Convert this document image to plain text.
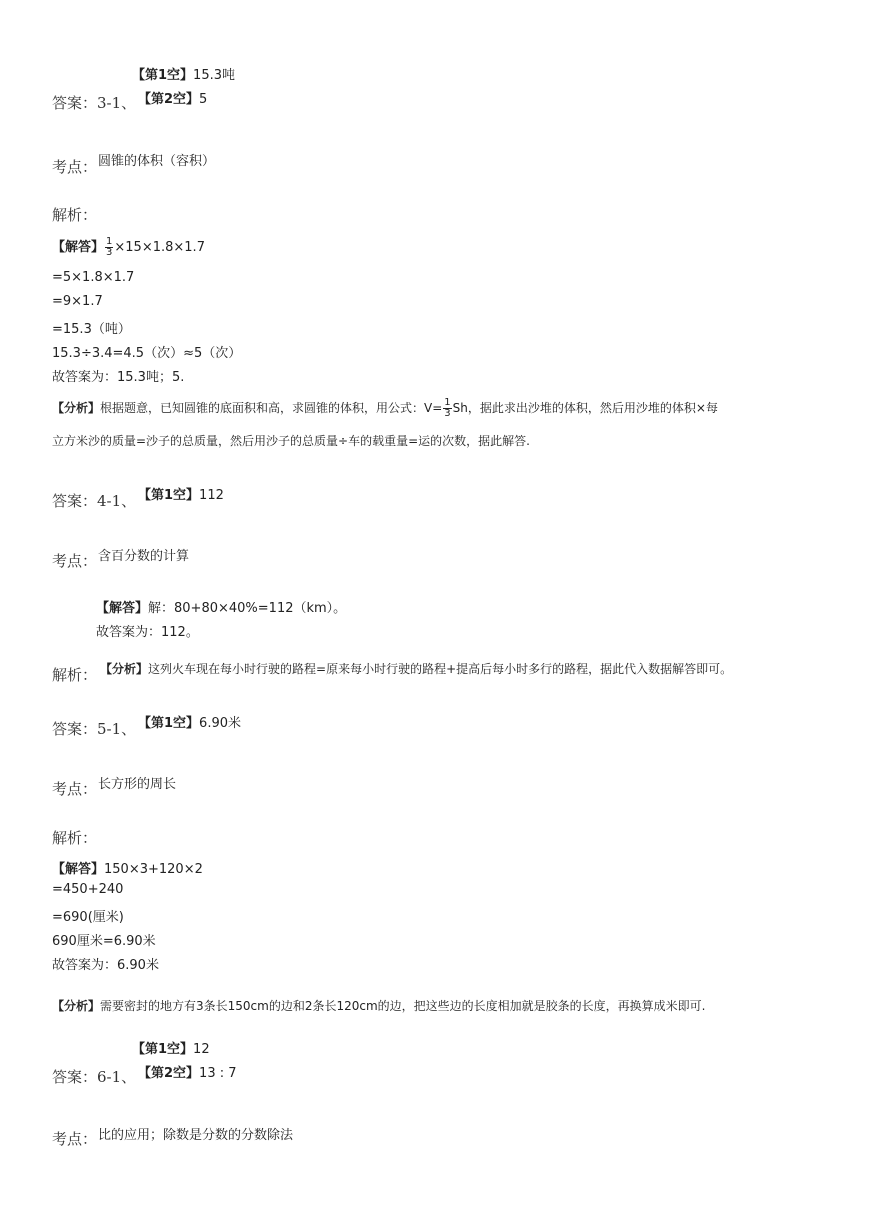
【第1空】15.3吨
答案：3-1、 【第2空】5
考点： 圆锥的体积（容积）
解析：
【解答】 $\frac{1}{3} \times 15\times 1.8\times 1.7$
=5×1.8×1.7
=9×1.7
=15.3（吨）
15.3÷3.4=4.5（次）≈5（次）
故答案为：15.3吨；5.
【分析】根据题意，已知圆锥的底面积和高，求圆锥的体积，用公式：$V= \frac{1}{3}$ Sh，据此求出沙堆的体积，然后用沙堆的体积×每
立方米沙的质量=沙子的总质量，然后用沙子的总质量÷车的载重量=运的次数，据此解答.
答案：4-1、 【第1空】112
考点： 含百分数的计算
【解答】解：80+80×40%=112（km）。
故答案为：112。
解析： 【分析】这列火车现在每小时行驶的路程=原来每小时行驶的路程+提高后每小时多行的路程，据此代入数据解答即可。
答案：5-1、 【第1空】6.90米
考点： 长方形的周长
解析：
【解答】150×3+120×2
=450+240
=690(厘米)
690厘米=6.90米
故答案为：6.90米
【分析】需要密封的地方有3条长150cm的边和2条长120cm的边，把这些边的长度相加就是胶条的长度，再换算成米即可.
【第1空】12
答案：6-1、 【第2空】13 : 7
考点： 比的应用；除数是分数的分数除法
